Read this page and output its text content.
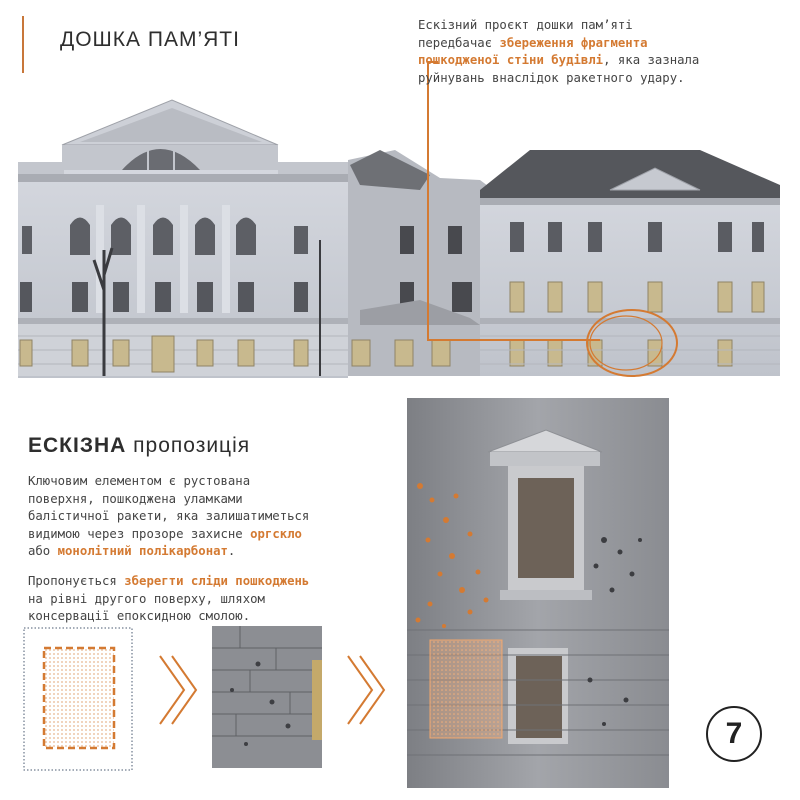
ДОШКА ПАМ’ЯТІ
Ескізний проєкт дошки пам’яті передбачає збереження фрагмента пошкодженої стіни будівлі, яка зазнала руйнувань внаслідок ракетного удару.
ЕСКІЗНА пропозиція
Ключовим елементом є рустована поверхня, пошкоджена уламками балістичної ракети, яка залишатиметься видимою через прозоре захисне оргскло або монолітний полікарбонат.
Пропонується зберегти сліди пошкоджень на рівні другого поверху, шляхом консервації епоксидною смолою.
7
